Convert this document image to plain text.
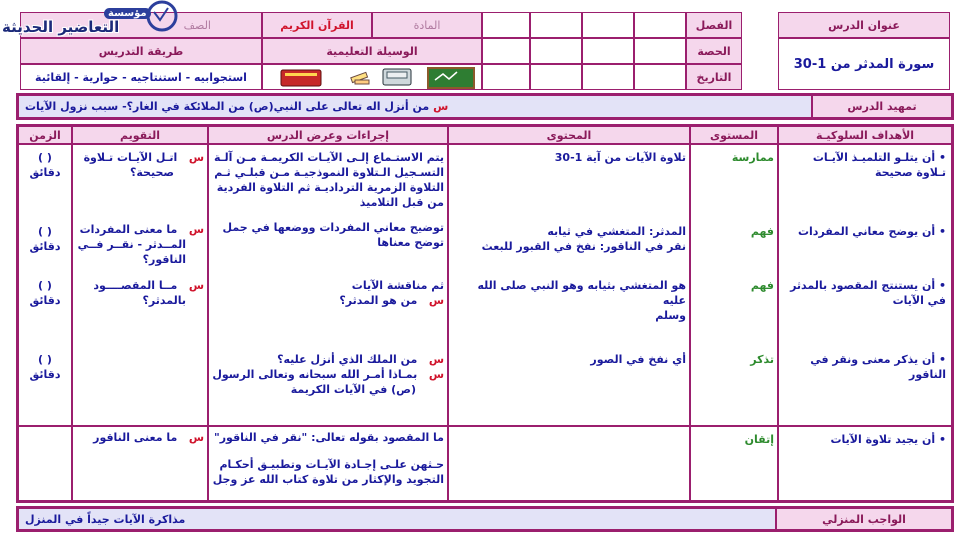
عنوان الدرس
سورة المدثر من 1-30
الفصل
الحصة
التاريخ
المادة
القرآن الكريم
الوسيلة التعليمية
الصف
طريقة التدريس
استجوابيه - استنتاجيه - حوارية - إلقائية
مؤسسة
التعاضير الحديثة
تمهيد الدرس
س

من أنزل اله تعالى على النبي(ص) من الملائكة في الغار؟- سبب نزول الآيات
الأهداف السلوكيـة
المستوى
المحتوى
إجراءات وعرض الدرس
التقويم
الزمن
• أن يتلـو التلميـذ الآيـات تـلاوة صحيحة
ممارسة
تلاوة الآيات من آية 1-30
يتم الاستـماع إلـى الآيـات الكريمـة مـن آلـة
التسـجيل الـتلاوة النموذجيـة مـن قبلـي ثـم
التلاوة الزمرية الترداديـة ثم التلاوة الفردية
من قبل التلاميذ
س   اتـل الآيـات تـلاوة
صحيحة؟
( )
دقائق
• أن يوضح معاني المفردات
فهم
المدثر: المتغشي في ثيابه
نقر في الناقور: نفخ في القبور للبعث
توضيح معاني المفردات ووضعها في جمل
توضح معناها
س   ما معنى المفردات
المــدثر - نقــر فــي
الناقور؟
( )
دقائق
• أن يستنتج المقصود بالمدثر في الآيات
فهم
هو المتغشي بثيابه وهو النبي صلى الله عليه
وسلم
ثم مناقشة الآيات
س   من هو المدثر؟
س   مــا المقصــــود
بالمدثر؟
( )
دقائق
• أن يذكر معنى ونقر في الناقور
تذكر
أي نفخ في الصور
س   من الملك الذي أنزل عليه؟
س   بمـاذا أمـر الله سبحانه وتعالى الرسول
(ص) في الآيات الكريمة
( )
دقائق
• أن يجيد تلاوة الآيات
إتقان
ما المقصود بقوله تعالى: "نقر في الناقور"
حـثهن علـى إجـادة الآيـات وتطبيـق أحكـام
التجويد والإكثار من تلاوة كتاب الله عز وجل
س   ما معنى الناقور
الواجب المنزلي
مذاكرة الآيات جيداً في المنزل
